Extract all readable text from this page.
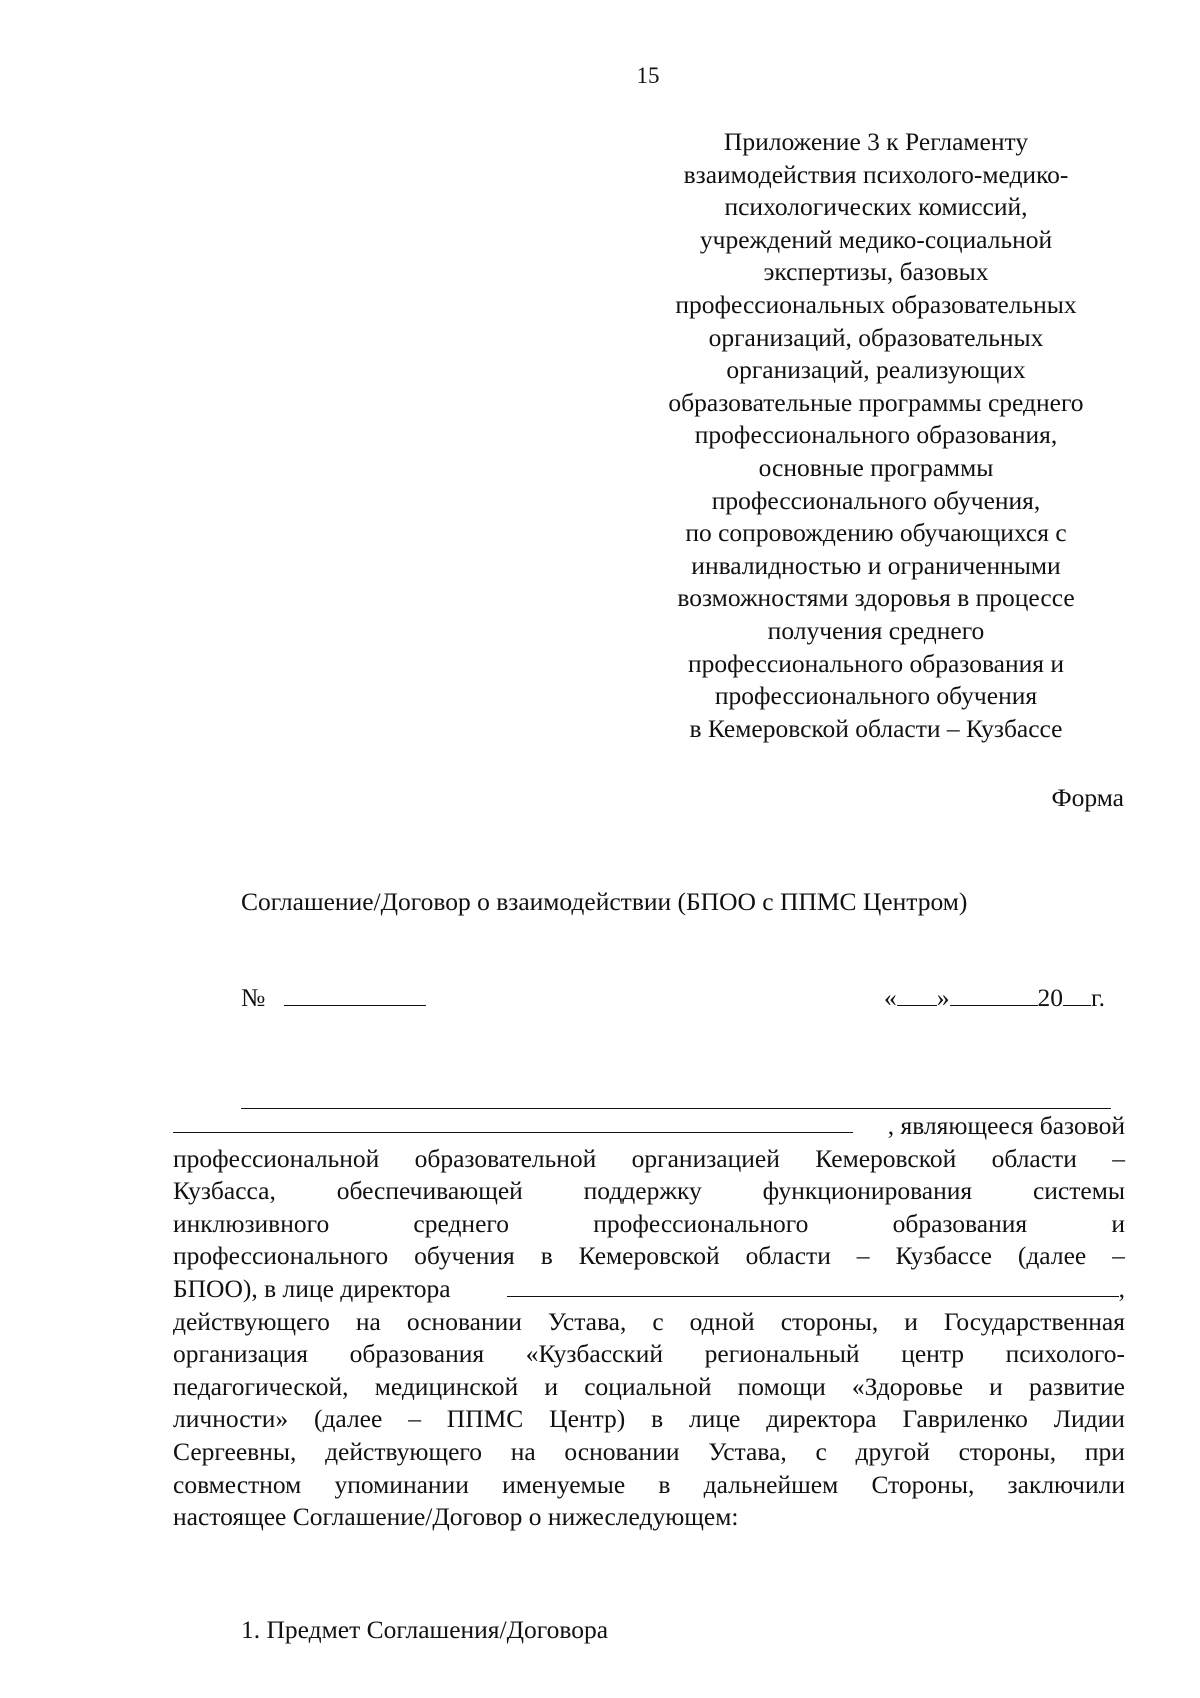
15
Приложение 3 к Регламенту
взаимодействия психолого-медико-
психологических комиссий,
учреждений медико-социальной
экспертизы, базовых
профессиональных образовательных
организаций, образовательных
организаций, реализующих
образовательные программы среднего
профессионального образования,
основные программы
профессионального обучения,
по сопровождению обучающихся с
инвалидностью и ограниченными
возможностями здоровья в процессе
получения среднего
профессионального образования и
профессионального обучения
в Кемеровской области – Кузбассе
Форма
Соглашение/Договор о взаимодействии (БПОО с ППМС Центром)
№	« »	20 г.
, являющееся базовой
профессиональной образовательной организацией Кемеровской области –
Кузбасса, обеспечивающей поддержку функционирования системы
инклюзивного	среднего	профессионального	образования	и
профессионального обучения в Кемеровской области – Кузбассе (далее –
БПОО), в лице директора	,
действующего на основании Устава, с одной стороны, и Государственная
организация образования «Кузбасский региональный центр психолого-
педагогической, медицинской и социальной помощи «Здоровье и развитие
личности» (далее – ППМС Центр) в лице директора Гавриленко Лидии
Сергеевны, действующего на основании Устава, с другой стороны, при
совместном упоминании именуемые в дальнейшем Стороны, заключили
настоящее Соглашение/Договор о нижеследующем:
1. Предмет Соглашения/Договора
